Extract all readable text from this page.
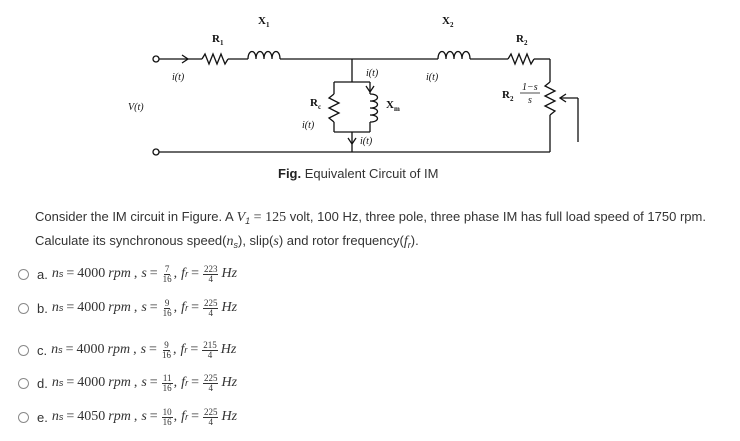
$X_1$
$R_1$
$X_2$
$R_2$
$R_2$
1−s
s
$R_c$	$X_m$
i(t)	i(t)
i(t)
i(t)
i(t)
V(t)
Fig. Equivalent Circuit of IM
Consider the IM circuit in Figure. A $V_1 = 125$ volt, 100 Hz, three pole, three phase IM has full load speed of 1750 rpm.
Calculate its synchronous $speed(n_s)$, slip(s) and rotor $frequency(f_r)$.
a. n s = 4000 rpm , $s = \frac{7}{16}$ , f $r = \frac{223}{4}$ Hz
b. n s = 4000 rpm , $s = \frac{9}{16}$ , f $r = \frac{225}{4}$ Hz
c. n s = 4000 rpm , $s = \frac{9}{16}$ , f $r = \frac{215}{4}$ Hz
d. n s = 4000 rpm , $s = \frac{11}{16}$ , f $r = \frac{225}{4}$ Hz
e. n s = 4050 rpm , $s = \frac{10}{16}$ , f $r = \frac{225}{4}$ Hz
